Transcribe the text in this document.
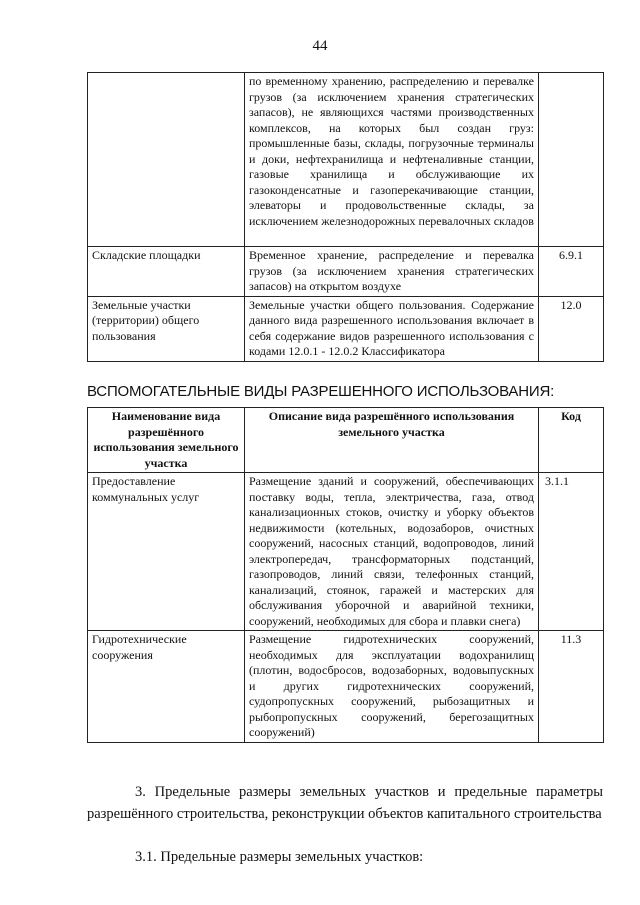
44
	по временному хранению, распределению и перевалке грузов (за исключением хранения стратегических запасов), не являющихся частями производственных комплексов, на которых был создан груз: промышленные базы, склады, погрузочные терминалы и доки, нефтехранилища и нефтеналивные станции, газовые хранилища и обслуживающие их газоконденсатные и газоперекачивающие станции, элеваторы и продовольственные склады, за исключением железнодорожных перевалочных складов	
Складские площадки	Временное хранение, распределение и перевалка грузов (за исключением хранения стратегических запасов) на открытом воздухе	6.9.1
Земельные участки (территории) общего пользования	Земельные участки общего пользования. Содержание данного вида разрешенного использования включает в себя содержание видов разрешенного использования с кодами 12.0.1 - 12.0.2 Классификатора	12.0
ВСПОМОГАТЕЛЬНЫЕ ВИДЫ РАЗРЕШЕННОГО ИСПОЛЬЗОВАНИЯ:
Наименование вида разрешённого использования земельного участка	Описание вида разрешённого использования земельного участка	Код
Предоставление коммунальных услуг	Размещение зданий и сооружений, обеспечивающих поставку воды, тепла, электричества, газа, отвод канализационных стоков, очистку и уборку объектов недвижимости (котельных, водозаборов, очистных сооружений, насосных станций, водопроводов, линий электропередач, трансформаторных подстанций, газопроводов, линий связи, телефонных станций, канализаций, стоянок, гаражей и мастерских для обслуживания уборочной и аварийной техники, сооружений, необходимых для сбора и плавки снега)	3.1.1
Гидротехнические сооружения	Размещение гидротехнических сооружений, необходимых для эксплуатации водохранилищ (плотин, водосбросов, водозаборных, водовыпускных и других гидротехнических сооружений, судопропускных сооружений, рыбозащитных и рыбопропускных сооружений, берегозащитных сооружений)	11.3
3. Предельные размеры земельных участков и предельные параметры разрешённого строительства, реконструкции объектов капитального строительства
3.1. Предельные размеры земельных участков:
